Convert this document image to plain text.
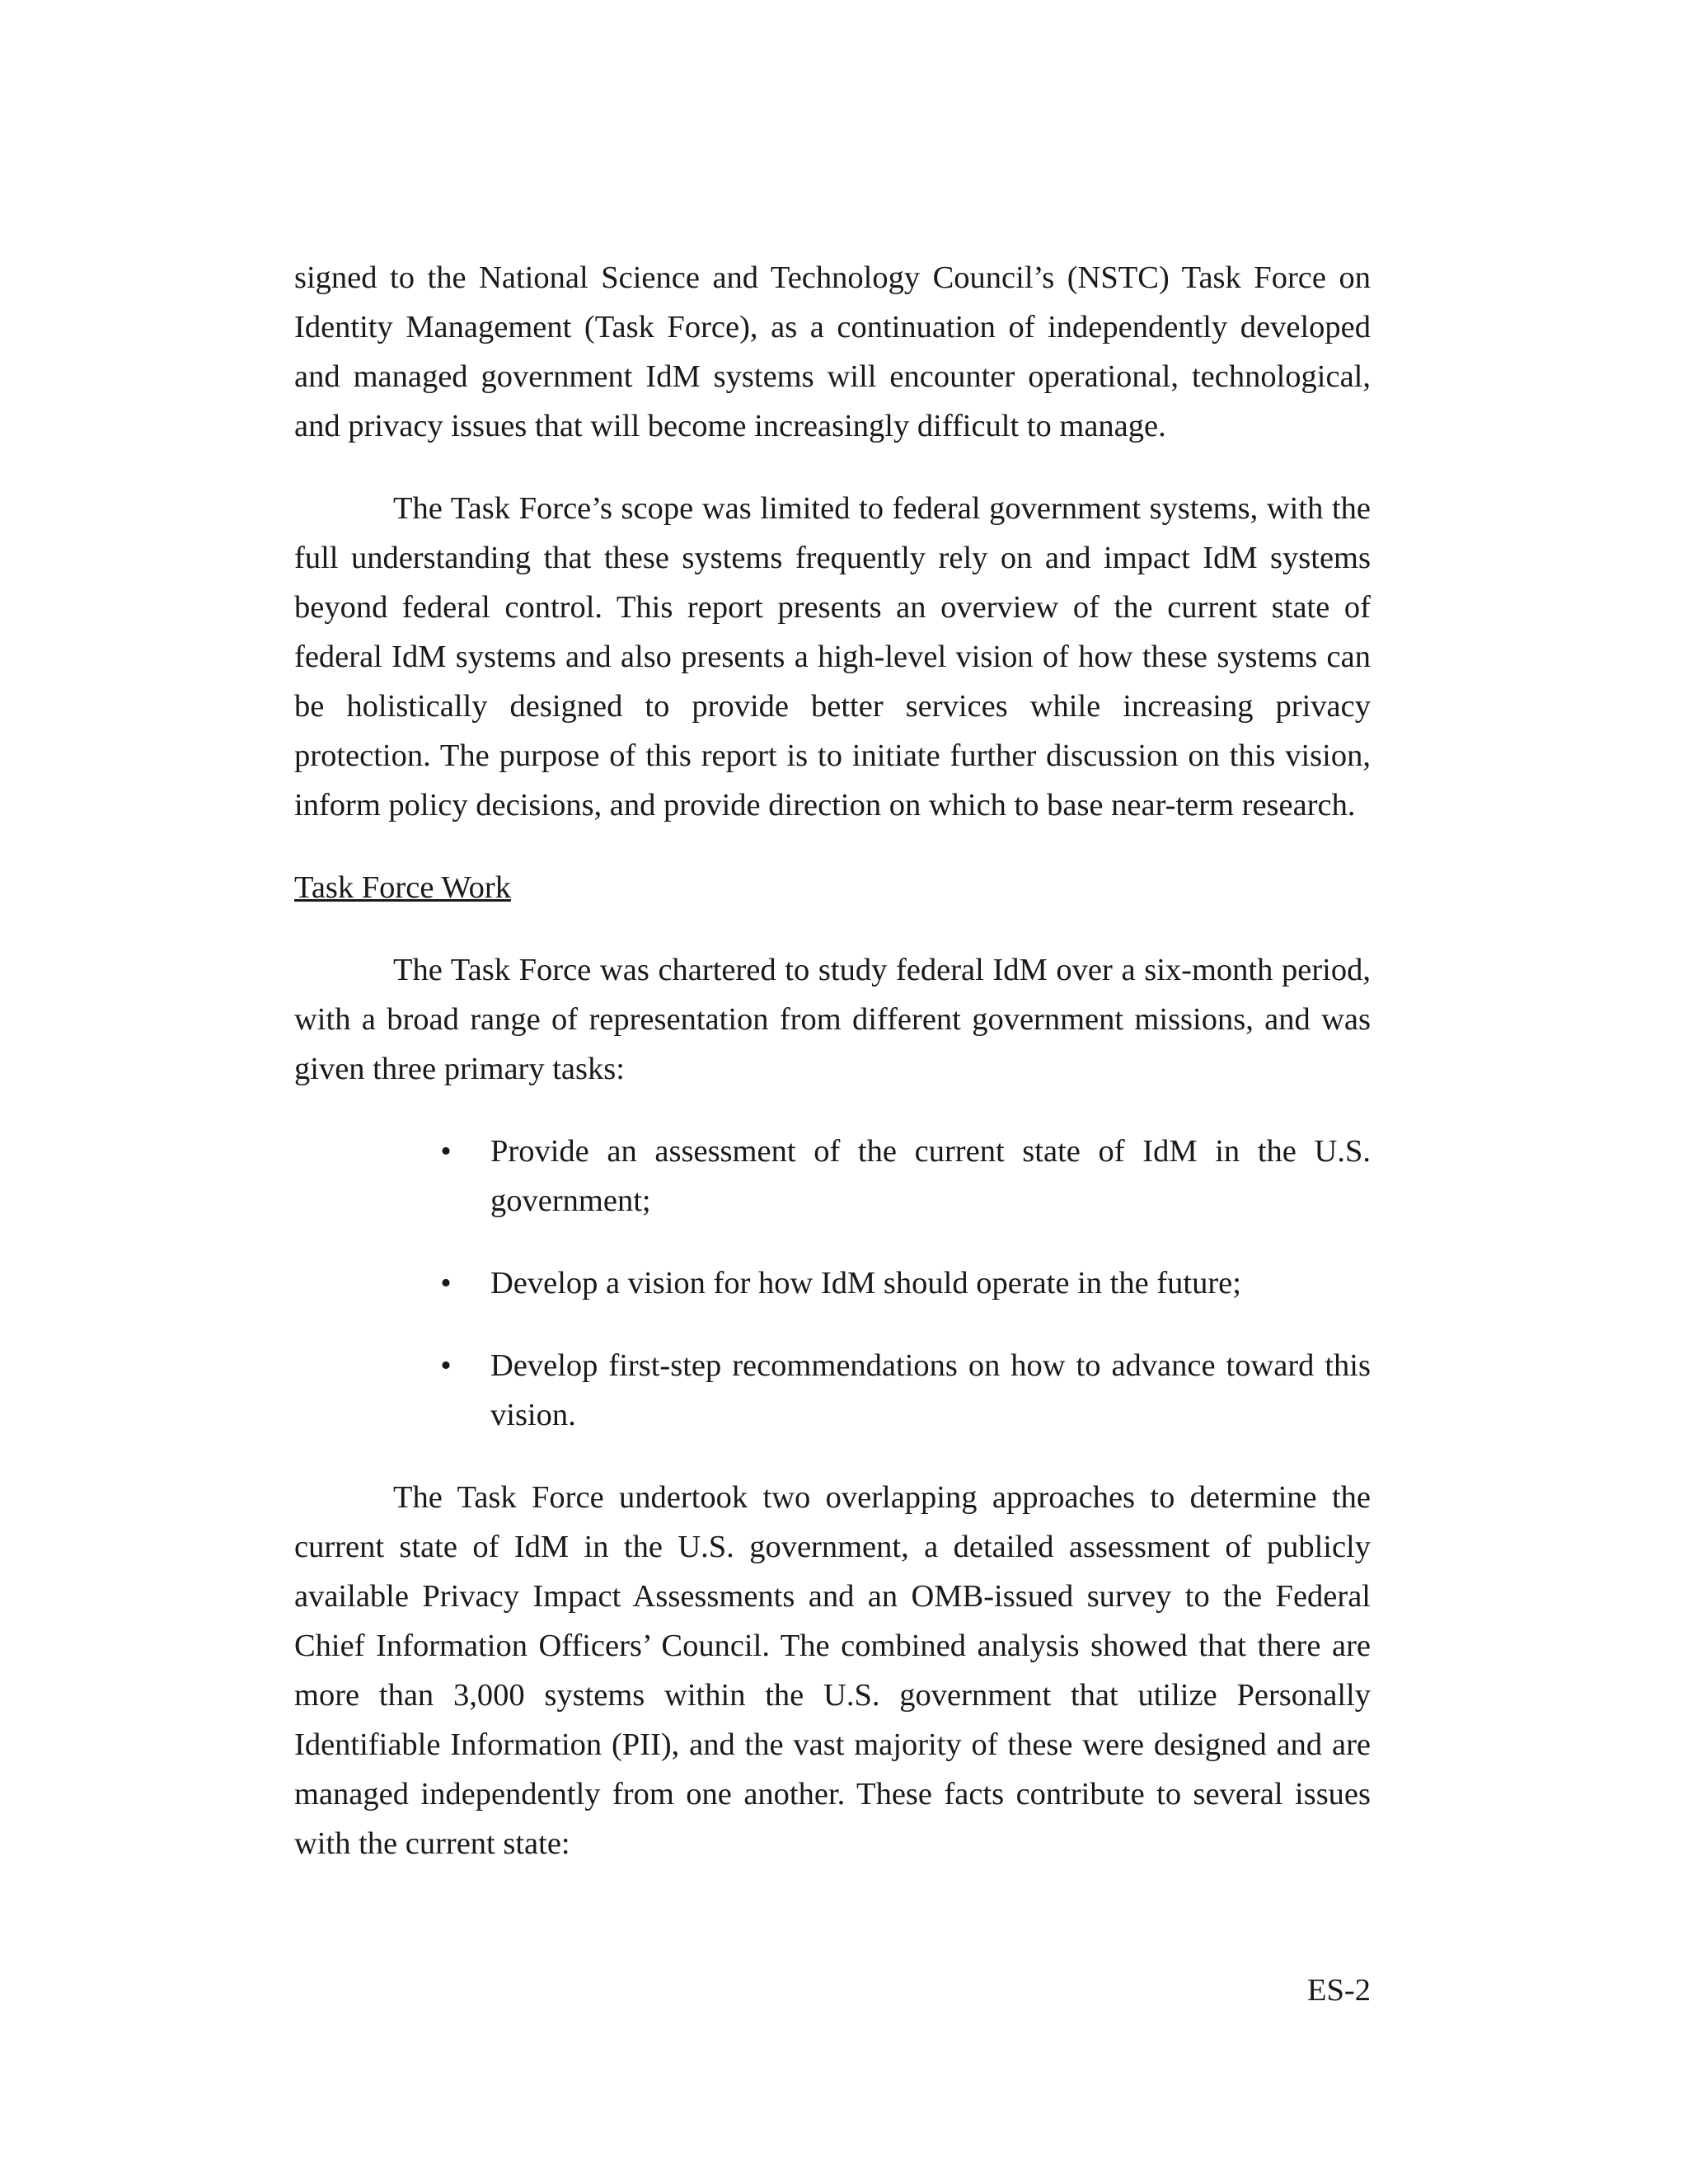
signed to the National Science and Technology Council’s (NSTC) Task Force on Identity Management (Task Force), as a continuation of independently developed and managed government IdM systems will encounter operational, technological, and privacy issues that will become increasingly difficult to manage.

The Task Force’s scope was limited to federal government systems, with the full understanding that these systems frequently rely on and impact IdM systems beyond federal control. This report presents an overview of the current state of federal IdM systems and also presents a high-level vision of how these systems can be holistically designed to provide better services while increasing privacy protection. The purpose of this report is to initiate further discussion on this vision, inform policy decisions, and provide direction on which to base near-term research.

Task Force Work

The Task Force was chartered to study federal IdM over a six-month period, with a broad range of representation from different government missions, and was given three primary tasks:

• Provide an assessment of the current state of IdM in the U.S. government;
• Develop a vision for how IdM should operate in the future;
• Develop first-step recommendations on how to advance toward this vision.

The Task Force undertook two overlapping approaches to determine the current state of IdM in the U.S. government, a detailed assessment of publicly available Privacy Impact Assessments and an OMB-issued survey to the Federal Chief Information Officers’ Council. The combined analysis showed that there are more than 3,000 systems within the U.S. government that utilize Personally Identifiable Information (PII), and the vast majority of these were designed and are managed independently from one another. These facts contribute to several issues with the current state:

ES-2
